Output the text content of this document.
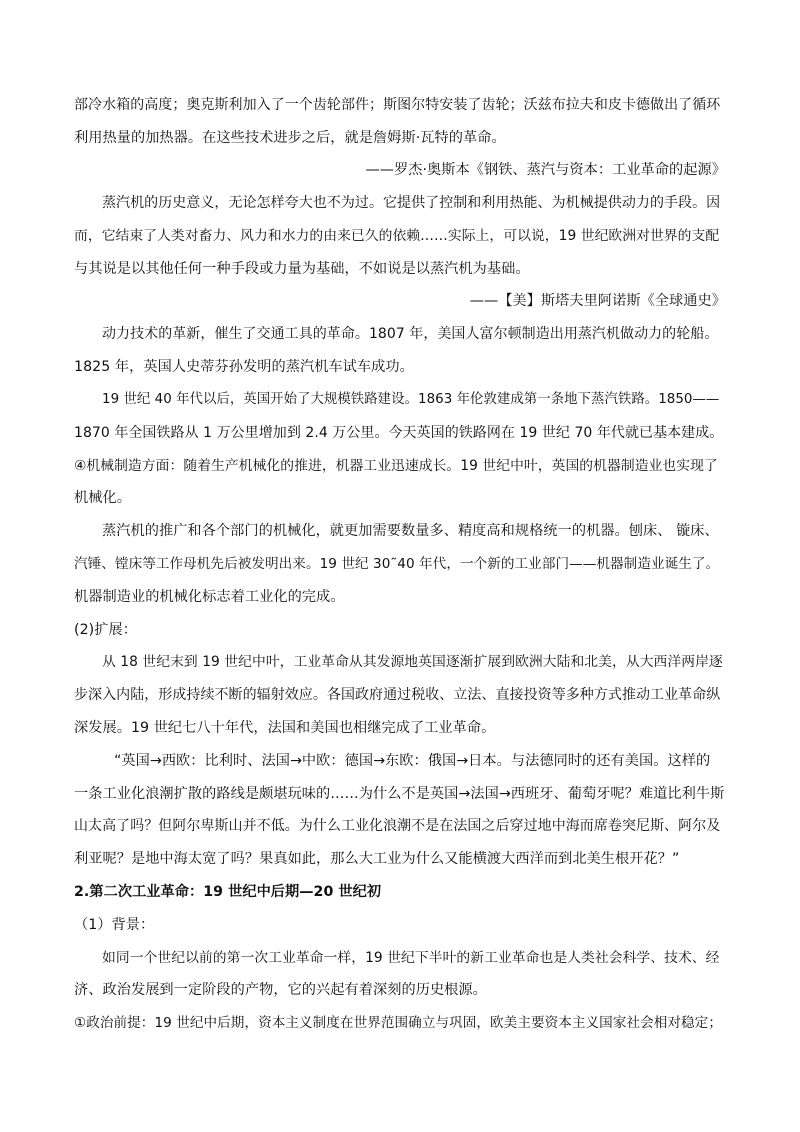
部冷水箱的高度；奥克斯利加入了一个齿轮部件；斯图尔特安装了齿轮；沃兹布拉夫和皮卡德做出了循环
利用热量的加热器。在这些技术进步之后，就是詹姆斯·瓦特的革命。
——罗杰·奥斯本《钢铁、蒸汽与资本：工业革命的起源》
蒸汽机的历史意义，无论怎样夸大也不为过。它提供了控制和利用热能、为机械提供动力的手段。因
而，它结束了人类对畜力、风力和水力的由来已久的依赖……实际上，可以说，19 世纪欧洲对世界的支配
与其说是以其他任何一种手段或力量为基础，不如说是以蒸汽机为基础。
——【美】斯塔夫里阿诺斯《全球通史》
动力技术的革新，催生了交通工具的革命。1807 年，美国人富尔顿制造出用蒸汽机做动力的轮船。
1825 年，英国人史蒂芬孙发明的蒸汽机车试车成功。
19 世纪 40 年代以后，英国开始了大规模铁路建设。1863 年伦敦建成第一条地下蒸汽铁路。1850——
1870 年全国铁路从 1 万公里增加到 2.4 万公里。今天英国的铁路网在 19 世纪 70 年代就已基本建成。
④机械制造方面：随着生产机械化的推进，机器工业迅速成长。19 世纪中叶，英国的机器制造业也实现了
机械化。
蒸汽机的推广和各个部门的机械化，就更加需要数量多、精度高和规格统一的机器。刨床、 镟床、
汽锤、镗床等工作母机先后被发明出来。19 世纪 30˜40 年代，一个新的工业部门——机器制造业诞生了。
机器制造业的机械化标志着工业化的完成。
(2)扩展：
从 18 世纪末到 19 世纪中叶，工业革命从其发源地英国逐渐扩展到欧洲大陆和北美，从大西洋两岸逐
步深入内陆，形成持续不断的辐射效应。各国政府通过税收、立法、直接投资等多种方式推动工业革命纵
深发展。19 世纪七八十年代，法国和美国也相继完成了工业革命。
“英国→西欧：比利时、法国→中欧：德国→东欧：俄国→日本。与法德同时的还有美国。这样的
一条工业化浪潮扩散的路线是颇堪玩味的……为什么不是英国→法国→西班牙、葡萄牙呢？难道比利牛斯
山太高了吗？但阿尔卑斯山并不低。为什么工业化浪潮不是在法国之后穿过地中海而席卷突尼斯、阿尔及
利亚呢？是地中海太宽了吗？果真如此，那么大工业为什么又能横渡大西洋而到北美生根开花？”
2.第二次工业革命：19 世纪中后期—20 世纪初
（1）背景：
如同一个世纪以前的第一次工业革命一样，19 世纪下半叶的新工业革命也是人类社会科学、技术、经
济、政治发展到一定阶段的产物，它的兴起有着深刻的历史根源。
①政治前提：19 世纪中后期，资本主义制度在世界范围确立与巩固，欧美主要资本主义国家社会相对稳定；
